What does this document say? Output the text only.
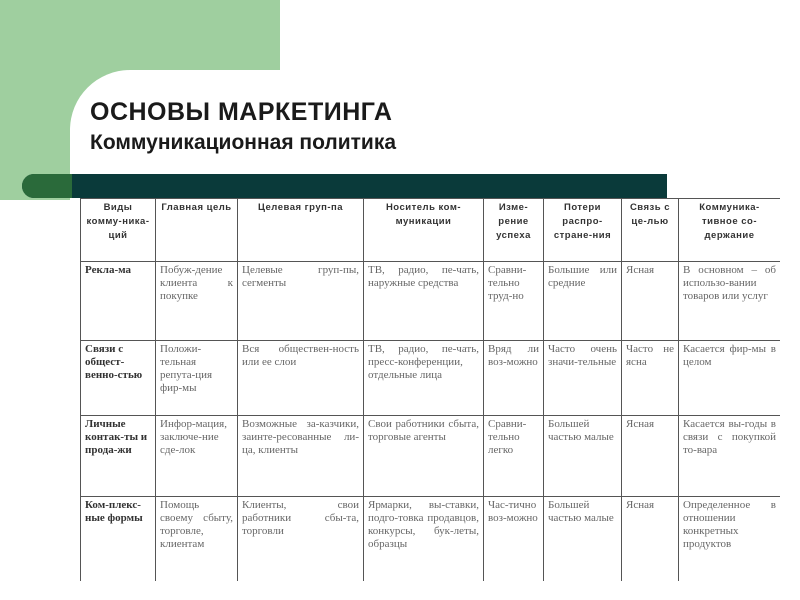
ОСНОВЫ МАРКЕТИНГА
Коммуникационная политика
Виды комму-ника-ций	Главная цель	Целевая груп-па	Носитель ком-муникации	Изме-рение успеха	Потери распро-стране-ния	Связь с це-лью	Коммуника-тивное со-держание
Рекла-ма	Побуж-дение клиента к покупке	Целевые груп-пы, сегменты	ТВ, радио, пе-чать, наружные средства	Сравни-тельно труд-но	Большие или средние	Ясная	В основном – об использо-вании товаров или услуг
Связи с общест-венно-стью	Положи-тельная репута-ция фир-мы	Вся обществен-ность или ее слои	ТВ, радио, пе-чать, пресс-конференции, отдельные лица	Вряд ли воз-можно	Часто очень значи-тельные	Часто не ясна	Касается фир-мы в целом
Личные контак-ты и прода-жи	Инфор-мация, заключе-ние сде-лок	Возможные за-казчики, заинте-ресованные ли-ца, клиенты	Свои работники сбыта, торговые агенты	Сравни-тельно легко	Большей частью малые	Ясная	Касается вы-годы в связи с покупкой то-вара
Ком-плекс-ные формы	Помощь своему сбыту, торговле, клиентам	Клиенты, свои работники сбы-та, торговли	Ярмарки, вы-ставки, подго-товка продавцов, конкурсы, бук-леты, образцы	Час-тично воз-можно	Большей частью малые	Ясная	Определенное в отношении конкретных продуктов
